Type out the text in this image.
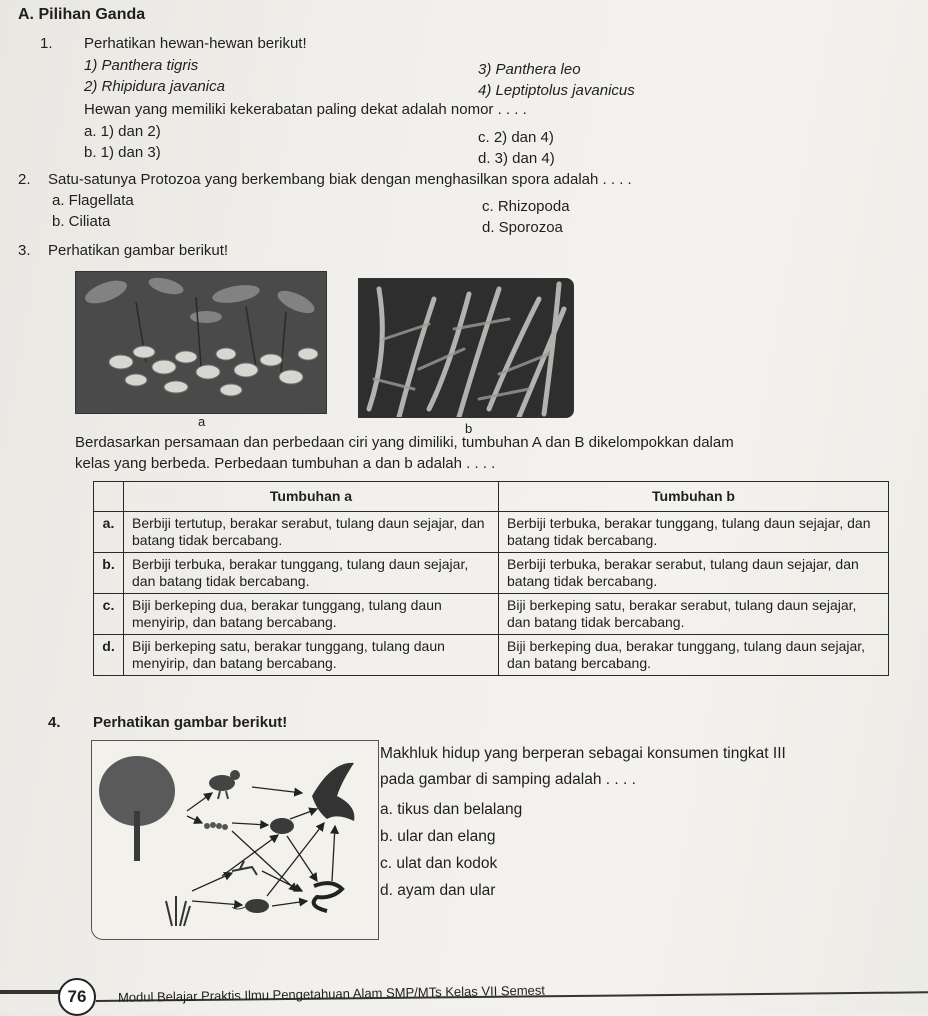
A. Pilihan Ganda
1. Perhatikan hewan-hewan berikut!
1) Panthera tigris
2) Rhipidura javanica
3) Panthera leo
4) Leptiptolus javanicus
Hewan yang memiliki kekerabatan paling dekat adalah nomor . . . .
a. 1) dan 2)
b. 1) dan 3)
c. 2) dan 4)
d. 3) dan 4)
2. Satu-satunya Protozoa yang berkembang biak dengan menghasilkan spora adalah . . . .
a. Flagellata
b. Ciliata
c. Rhizopoda
d. Sporozoa
3. Perhatikan gambar berikut!
a	b
Berdasarkan persamaan dan perbedaan ciri yang dimiliki, tumbuhan A dan B dikelompokkan dalam
kelas yang berbeda. Perbedaan tumbuhan a dan b adalah . . . .
	Tumbuhan a	Tumbuhan b
a.	Berbiji tertutup, berakar serabut, tulang daun sejajar, dan batang tidak bercabang.	Berbiji terbuka, berakar tunggang, tulang daun sejajar, dan batang tidak bercabang.
b.	Berbiji terbuka, berakar tunggang, tulang daun sejajar, dan batang tidak bercabang.	Berbiji terbuka, berakar serabut, tulang daun sejajar, dan batang tidak bercabang.
c.	Biji berkeping dua, berakar tunggang, tulang daun menyirip, dan batang bercabang.	Biji berkeping satu, berakar serabut, tulang daun sejajar, dan batang tidak bercabang.
d.	Biji berkeping satu, berakar tunggang, tulang daun menyirip, dan batang bercabang.	Biji berkeping dua, berakar tunggang, tulang daun sejajar, dan batang bercabang.
4. Perhatikan gambar berikut!
Makhluk hidup yang berperan sebagai konsumen tingkat III
pada gambar di samping adalah . . . .
a. tikus dan belalang
b. ular dan elang
c. ulat dan kodok
d. ayam dan ular
76	Modul Belajar Praktis Ilmu Pengetahuan Alam SMP/MTs Kelas VII Semest
